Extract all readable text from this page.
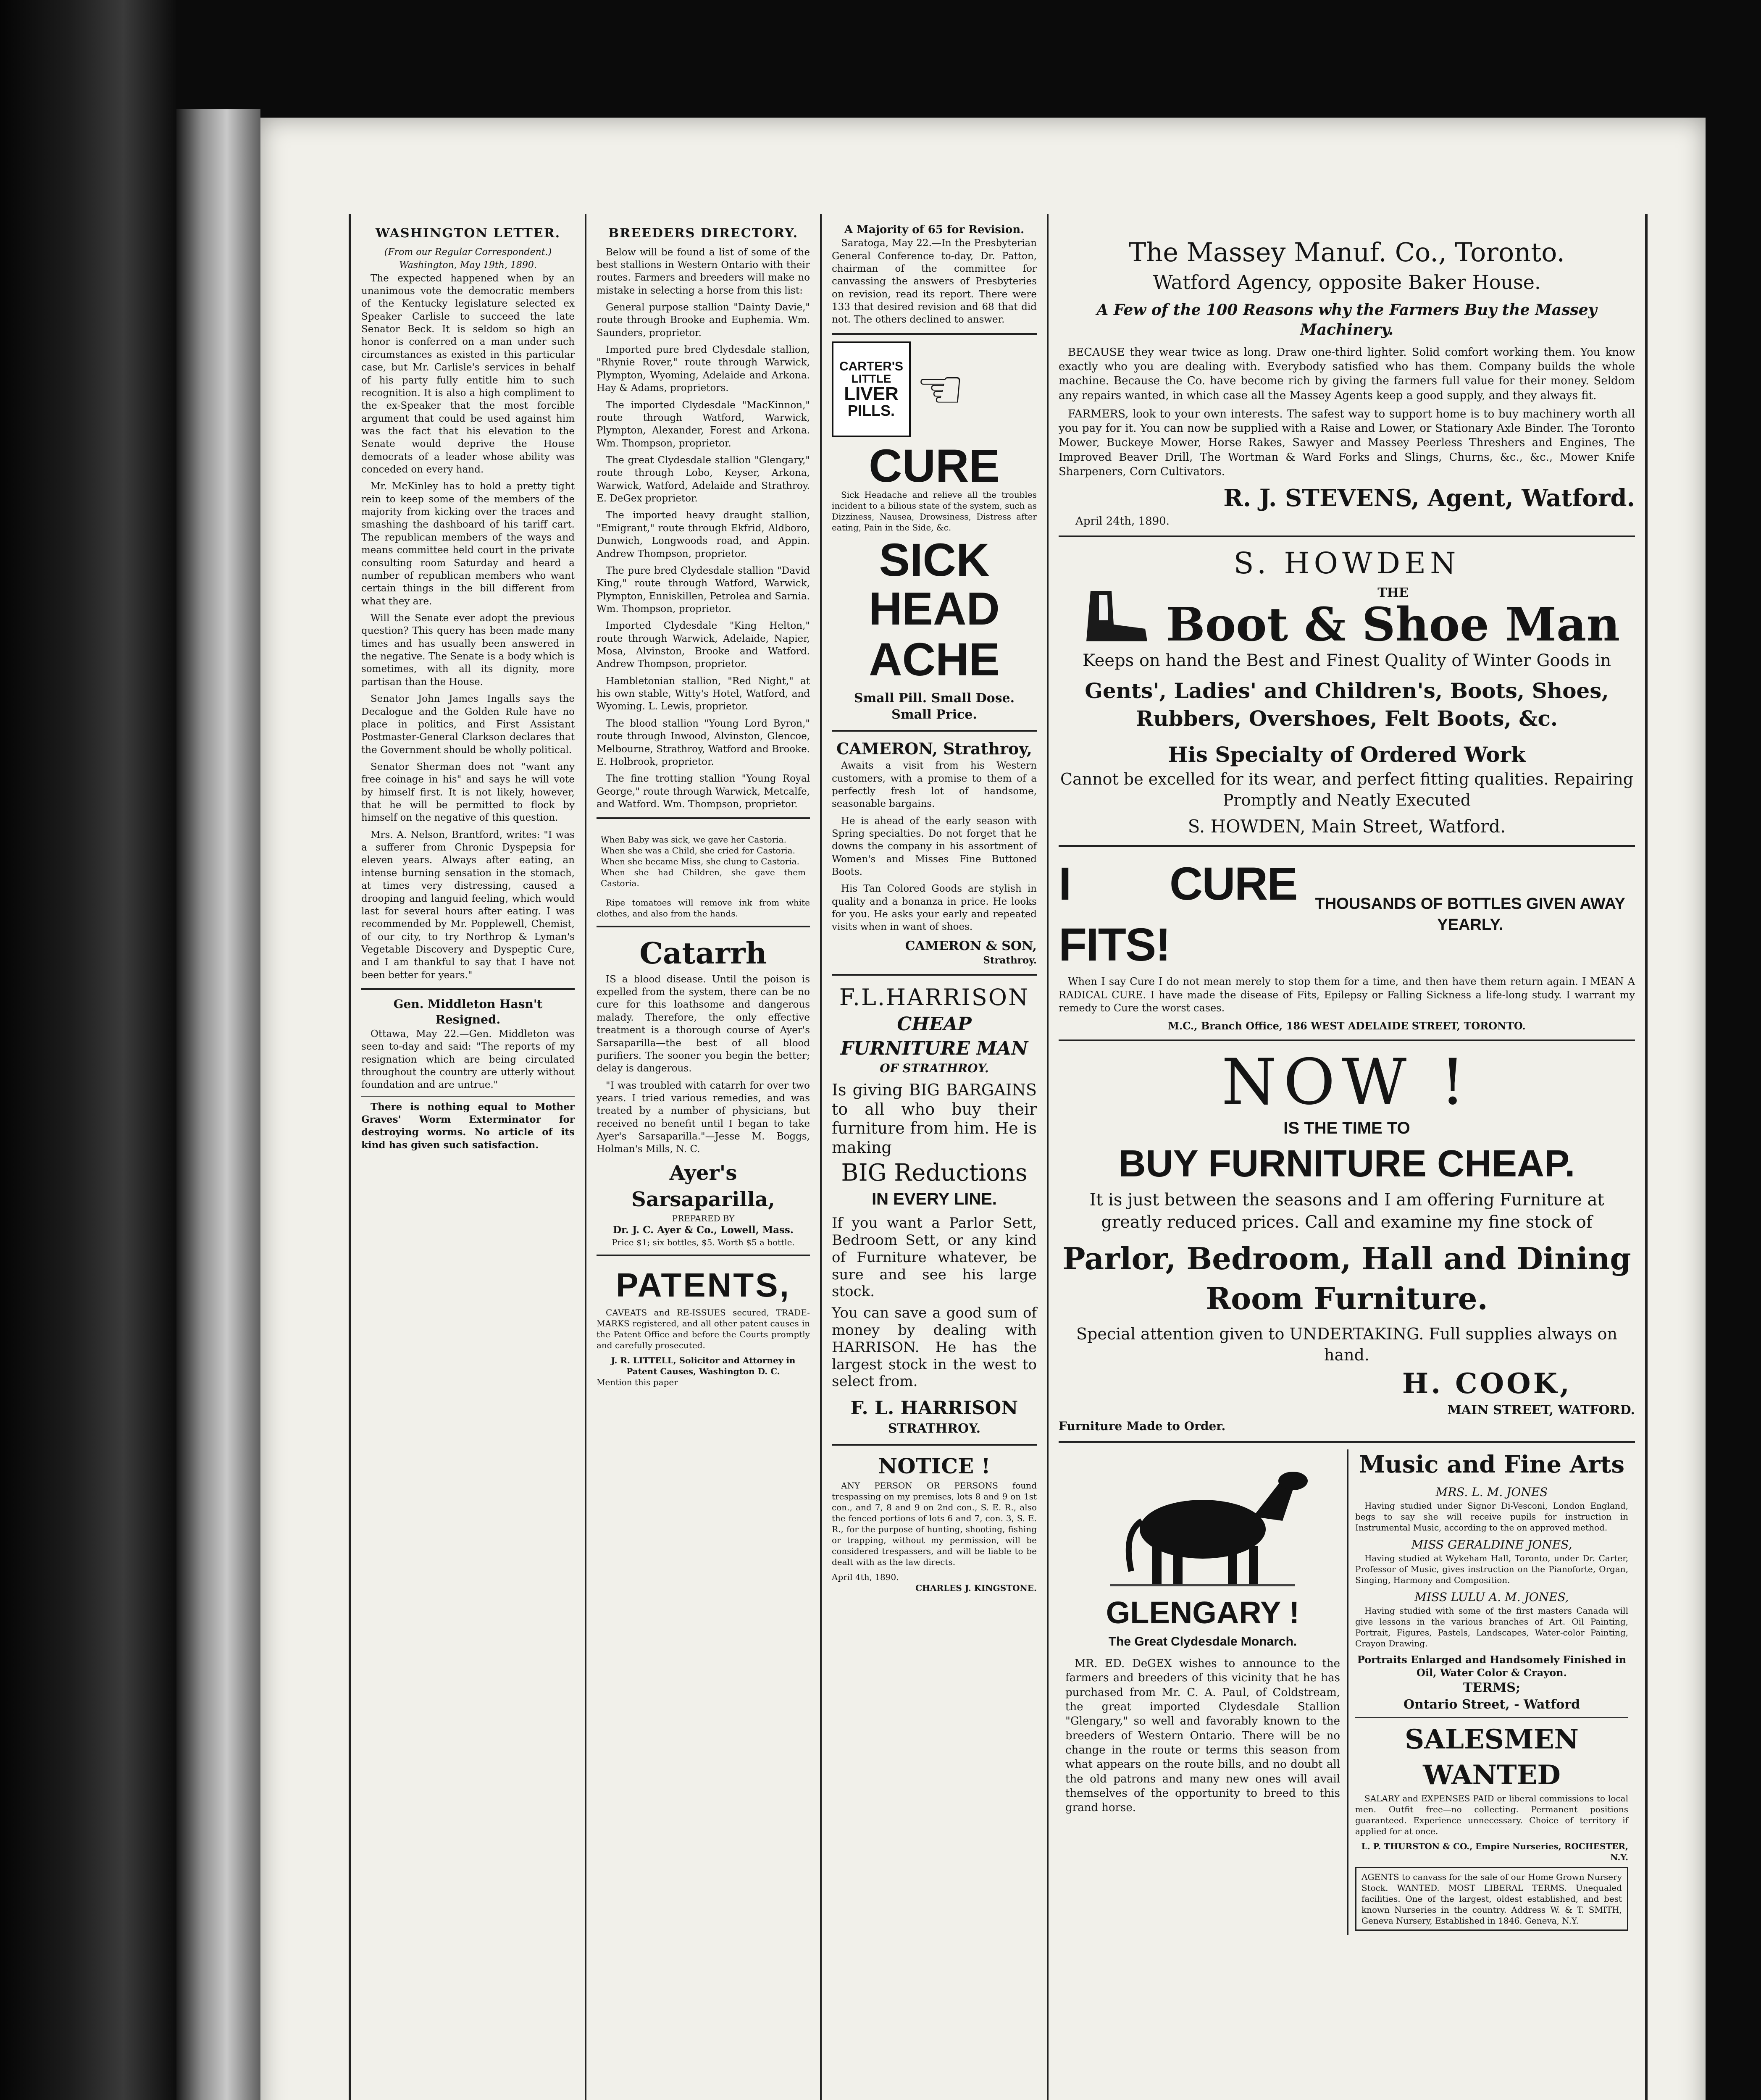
WASHINGTON LETTER.
(From our Regular Correspondent.)
Washington, May 19th, 1890.

The expected happened when by an unanimous vote the democratic members of the Kentucky legislature selected ex Speaker Carlisle to succeed the late Senator Beck. It is seldom so high an honor is conferred on a man under such circumstances as existed in this particular case, but Mr. Carlisle's services in behalf of his party fully entitle him to such recognition. It is also a high compliment to the ex-Speaker that the most forcible argument that could be used against him was the fact that his elevation to the Senate would deprive the House democrats of a leader whose ability was conceded on every hand.

Mr. McKinley has to hold a pretty tight rein to keep some of the members of the majority from kicking over the traces and smashing the dashboard of his tariff cart. The republican members of the ways and means committee held court in the private consulting room Saturday and heard a number of republican members who want certain things in the bill different from what they are.

Will the Senate ever adopt the previous question? This query has been made many times and has usually been answered in the negative. The Senate is a body which is sometimes, with all its dignity, more partisan than the House.

Senator John James Ingalls says the Decalogue and the Golden Rule have no place in politics, and First Assistant Postmaster-General Clarkson declares that the Government should be wholly political.

Senator Sherman does not "want any free coinage in his" and says he will vote by himself first. It is not likely, however, that he will be permitted to flock by himself on the negative of this question.

Mrs. A. Nelson, Brantford, writes: "I was a sufferer from Chronic Dyspepsia for eleven years. Always after eating, an intense burning sensation in the stomach, at times very distressing, caused a drooping and languid feeling, which would last for several hours after eating. I was recommended by Mr. Popplewell, Chemist, of our city, to try Northrop & Lyman's Vegetable Discovery and Dyspeptic Cure, and I am thankful to say that I have not been better for years."

Gen. Middleton Hasn't Resigned.

Ottawa, May 22.—Gen. Middleton was seen to-day and said: "The reports of my resignation which are being circulated throughout the country are utterly without foundation and are untrue."

There is nothing equal to Mother Graves' Worm Exterminator for destroying worms. No article of its kind has given such satisfaction.

BREEDERS DIRECTORY.

Below will be found a list of some of the best stallions in Western Ontario with their routes. Farmers and breeders will make no mistake in selecting a horse from this list:

General purpose stallion "Dainty Davie," route through Brooke and Euphemia. Wm. Saunders, proprietor.

Imported pure bred Clydesdale stallion, "Rhynie Rover," route through Warwick, Plympton, Wyoming, Adelaide and Arkona. Hay & Adams, proprietors.

The imported Clydesdale "MacKinnon," route through Watford, Warwick, Plympton, Alexander, Forest and Arkona. Wm. Thompson, proprietor.

The great Clydesdale stallion "Glengary," route through Lobo, Keyser, Arkona, Warwick, Watford, Adelaide and Strathroy. E. DeGex proprietor.

The imported heavy draught stallion, "Emigrant," route through Ekfrid, Aldboro, Dunwich, Longwoods road, and Appin. Andrew Thompson, proprietor.

The pure bred Clydesdale stallion "David King," route through Watford, Warwick, Plympton, Enniskillen, Petrolea and Sarnia. Wm. Thompson, proprietor.

Imported Clydesdale "King Helton," route through Warwick, Adelaide, Napier, Mosa, Alvinston, Brooke and Watford. Andrew Thompson, proprietor.

Hambletonian stallion, "Red Night," at his own stable, Witty's Hotel, Watford, and Wyoming. L. Lewis, proprietor.

The blood stallion "Young Lord Byron," route through Inwood, Alvinston, Glencoe, Melbourne, Strathroy, Watford and Brooke. E. Holbrook, proprietor.

The fine trotting stallion "Young Royal George," route through Warwick, Metcalfe, and Watford. Wm. Thompson, proprietor.

When Baby was sick, we gave her Castoria.
When she was a Child, she cried for Castoria.
When she became Miss, she clung to Castoria.
When she had Children, she gave them Castoria.

Ripe tomatoes will remove ink from white clothes, and also from the hands.

Catarrh

IS a blood disease. Until the poison is expelled from the system, there can be no cure for this loathsome and dangerous malady. Therefore, the only effective treatment is a thorough course of Ayer's Sarsaparilla—the best of all blood purifiers. The sooner you begin the better; delay is dangerous.

"I was troubled with catarrh for over two years. I tried various remedies, and was treated by a number of physicians, but received no benefit until I began to take Ayer's Sarsaparilla."—Jesse M. Boggs, Holman's Mills, N. C.

Ayer's Sarsaparilla,
PREPARED BY
Dr. J. C. Ayer & Co., Lowell, Mass.
Price $1; six bottles, $5. Worth $5 a bottle.
PATENTS,

CAVEATS and RE-ISSUES secured, TRADE-MARKS registered, and all other patent causes in the Patent Office and before the Courts promptly and carefully prosecuted.

J. R. LITTELL, Solicitor and Attorney in Patent Causes, Washington D. C.
Mention this paper
A Majority of 65 for Revision.

Saratoga, May 22.—In the Presbyterian General Conference to-day, Dr. Patton, chairman of the committee for canvassing the answers of Presbyteries on revision, read its report. There were 133 that desired revision and 68 that did not. The others declined to answer.

CARTER'S
LITTLE
LIVER
PILLS. ☜
CURE

Sick Headache and relieve all the troubles incident to a bilious state of the system, such as Dizziness, Nausea, Drowsiness, Distress after eating, Pain in the Side, &c.

SICK
HEAD
ACHE
Small Pill. Small Dose. Small Price.
CAMERON, Strathroy,

Awaits a visit from his Western customers, with a promise to them of a perfectly fresh lot of handsome, seasonable bargains.

He is ahead of the early season with Spring specialties. Do not forget that he downs the company in his assortment of Women's and Misses Fine Buttoned Boots.

His Tan Colored Goods are stylish in quality and a bonanza in price. He looks for you. He asks your early and repeated visits when in want of shoes.

CAMERON & SON,
Strathroy.
F.L.HARRISON
CHEAP FURNITURE MAN
OF STRATHROY.
Is giving BIG BARGAINS to all who buy their furniture from him. He is making
BIG Reductions
IN EVERY LINE.
If you want a Parlor Sett, Bedroom Sett, or any kind of Furniture whatever, be sure and see his large stock.
You can save a good sum of money by dealing with HARRISON. He has the largest stock in the west to select from.
F. L. HARRISON
STRATHROY.
NOTICE !

ANY PERSON OR PERSONS found trespassing on my premises, lots 8 and 9 on 1st con., and 7, 8 and 9 on 2nd con., S. E. R., also the fenced portions of lots 6 and 7, con. 3, S. E. R., for the purpose of hunting, shooting, fishing or trapping, without my permission, will be considered trespassers, and will be liable to be dealt with as the law directs.

April 4th, 1890.
CHARLES J. KINGSTONE.
The Massey Manuf. Co., Toronto.
Watford Agency, opposite Baker House.
A Few of the 100 Reasons why the Farmers Buy the Massey Machinery.

BECAUSE they wear twice as long. Draw one-third lighter. Solid comfort working them. You know exactly who you are dealing with. Everybody satisfied who has them. Company builds the whole machine. Because the Co. have become rich by giving the farmers full value for their money. Seldom any repairs wanted, in which case all the Massey Agents keep a good supply, and they always fit.

FARMERS, look to your own interests. The safest way to support home is to buy machinery worth all you pay for it. You can now be supplied with a Raise and Lower, or Stationary Axle Binder. The Toronto Mower, Buckeye Mower, Horse Rakes, Sawyer and Massey Peerless Threshers and Engines, The Improved Beaver Drill, The Wortman & Ward Forks and Slings, Churns, &c., &c., Mower Knife Sharpeners, Corn Cultivators.

R. J. STEVENS, Agent, Watford.
April 24th, 1890.
S. HOWDEN
THE
Boot & Shoe Man
Keeps on hand the Best and Finest Quality of Winter Goods in
Gents', Ladies' and Children's, Boots, Shoes, Rubbers, Overshoes, Felt Boots, &c.
His Specialty of Ordered Work
Cannot be excelled for its wear, and perfect fitting qualities. Repairing Promptly and Neatly Executed
S. HOWDEN, Main Street, Watford.
I CURE FITS!
THOUSANDS OF BOTTLES GIVEN AWAY YEARLY.

When I say Cure I do not mean merely to stop them for a time, and then have them return again. I MEAN A RADICAL CURE. I have made the disease of Fits, Epilepsy or Falling Sickness a life-long study. I warrant my remedy to Cure the worst cases.

M.C., Branch Office, 186 WEST ADELAIDE STREET, TORONTO.
NOW !
IS THE TIME TO
BUY FURNITURE CHEAP.
It is just between the seasons and I am offering Furniture at greatly reduced prices. Call and examine my fine stock of
Parlor, Bedroom, Hall and Dining Room Furniture.
Special attention given to UNDERTAKING. Full supplies always on hand.
H. COOK,
MAIN STREET, WATFORD.
Furniture Made to Order.
GLENGARY !
The Great Clydesdale Monarch.

MR. ED. DeGEX wishes to announce to the farmers and breeders of this vicinity that he has purchased from Mr. C. A. Paul, of Coldstream, the great imported Clydesdale Stallion "Glengary," so well and favorably known to the breeders of Western Ontario. There will be no change in the route or terms this season from what appears on the route bills, and no doubt all the old patrons and many new ones will avail themselves of the opportunity to breed to this grand horse.

Music and Fine Arts
MRS. L. M. JONES

Having studied under Signor Di-Vesconi, London England, begs to say she will receive pupils for instruction in Instrumental Music, according to the on approved method.

MISS GERALDINE JONES,

Having studied at Wykeham Hall, Toronto, under Dr. Carter, Professor of Music, gives instruction on the Pianoforte, Organ, Singing, Harmony and Composition.

MISS LULU A. M. JONES,

Having studied with some of the first masters Canada will give lessons in the various branches of Art. Oil Painting, Portrait, Figures, Pastels, Landscapes, Water-color Painting, Crayon Drawing.

Portraits Enlarged and Handsomely Finished in Oil, Water Color & Crayon.
TERMS;
Ontario Street, - Watford
SALESMEN WANTED

SALARY and EXPENSES PAID or liberal commissions to local men. Outfit free—no collecting. Permanent positions guaranteed. Experience unnecessary. Choice of territory if applied for at once.

L. P. THURSTON & CO., Empire Nurseries, ROCHESTER, N.Y.
AGENTS to canvass for the sale of our Home Grown Nursery Stock. WANTED. MOST LIBERAL TERMS. Unequaled facilities. One of the largest, oldest established, and best known Nurseries in the country. Address W. & T. SMITH, Geneva Nursery, Established in 1846. Geneva, N.Y.
